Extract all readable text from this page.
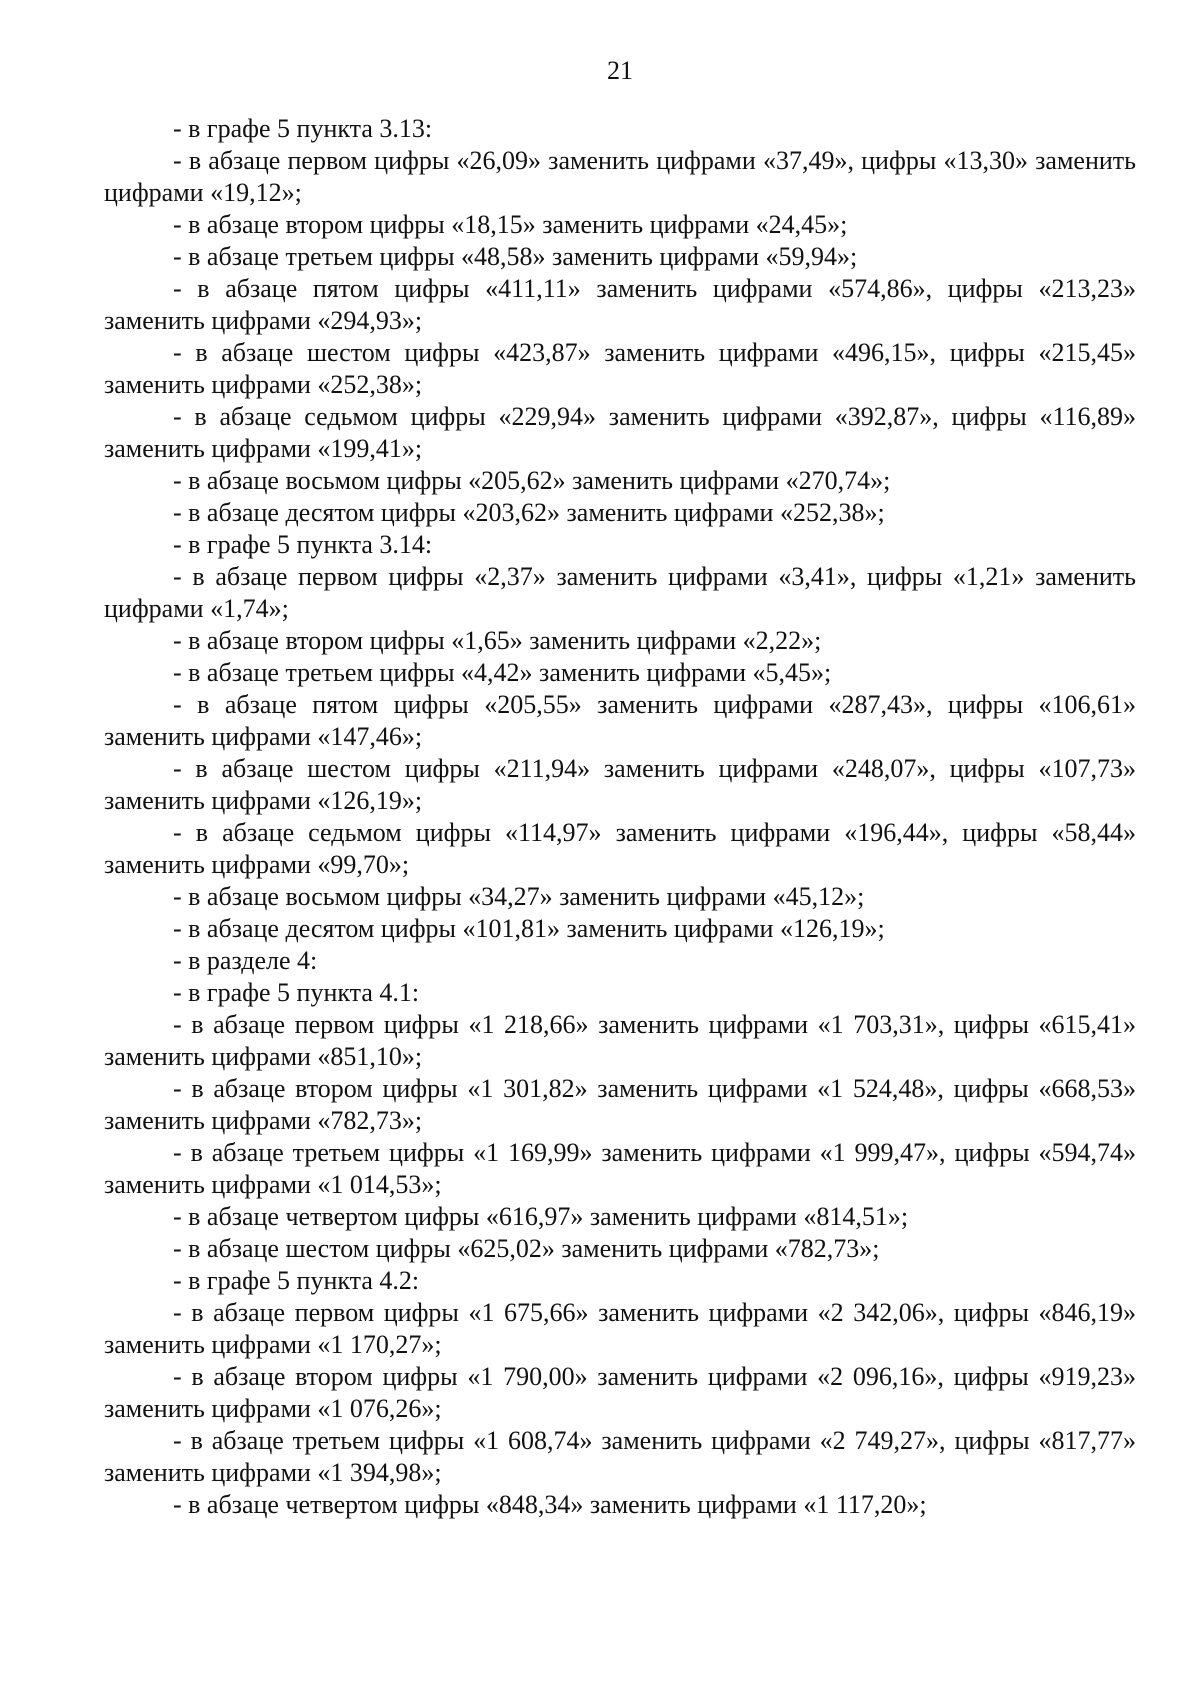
21

- в графе 5 пункта 3.13:

- в абзаце первом цифры «26,09» заменить цифрами «37,49», цифры «13,30» заменить цифрами «19,12»;

- в абзаце втором цифры «18,15» заменить цифрами «24,45»;

- в абзаце третьем цифры «48,58» заменить цифрами «59,94»;

- в абзаце пятом цифры «411,11» заменить цифрами «574,86», цифры «213,23» заменить цифрами «294,93»;

- в абзаце шестом цифры «423,87» заменить цифрами «496,15», цифры «215,45» заменить цифрами «252,38»;

- в абзаце седьмом цифры «229,94» заменить цифрами «392,87», цифры «116,89» заменить цифрами «199,41»;

- в абзаце восьмом цифры «205,62» заменить цифрами «270,74»;

- в абзаце десятом цифры «203,62» заменить цифрами «252,38»;

- в графе 5 пункта 3.14:

- в абзаце первом цифры «2,37» заменить цифрами «3,41», цифры «1,21» заменить цифрами «1,74»;

- в абзаце втором цифры «1,65» заменить цифрами «2,22»;

- в абзаце третьем цифры «4,42» заменить цифрами «5,45»;

- в абзаце пятом цифры «205,55» заменить цифрами «287,43», цифры «106,61» заменить цифрами «147,46»;

- в абзаце шестом цифры «211,94» заменить цифрами «248,07», цифры «107,73» заменить цифрами «126,19»;

- в абзаце седьмом цифры «114,97» заменить цифрами «196,44», цифры «58,44» заменить цифрами «99,70»;

- в абзаце восьмом цифры «34,27» заменить цифрами «45,12»;

- в абзаце десятом цифры «101,81» заменить цифрами «126,19»;

- в разделе 4:

- в графе 5 пункта 4.1:

- в абзаце первом цифры «1 218,66» заменить цифрами «1 703,31», цифры «615,41» заменить цифрами «851,10»;

- в абзаце втором цифры «1 301,82» заменить цифрами «1 524,48», цифры «668,53» заменить цифрами «782,73»;

- в абзаце третьем цифры «1 169,99» заменить цифрами «1 999,47», цифры «594,74» заменить цифрами «1 014,53»;

- в абзаце четвертом цифры «616,97» заменить цифрами «814,51»;

- в абзаце шестом цифры «625,02» заменить цифрами «782,73»;

- в графе 5 пункта 4.2:

- в абзаце первом цифры «1 675,66» заменить цифрами «2 342,06», цифры «846,19» заменить цифрами «1 170,27»;

- в абзаце втором цифры «1 790,00» заменить цифрами «2 096,16», цифры «919,23» заменить цифрами «1 076,26»;

- в абзаце третьем цифры «1 608,74» заменить цифрами «2 749,27», цифры «817,77» заменить цифрами «1 394,98»;

- в абзаце четвертом цифры «848,34» заменить цифрами «1 117,20»;
